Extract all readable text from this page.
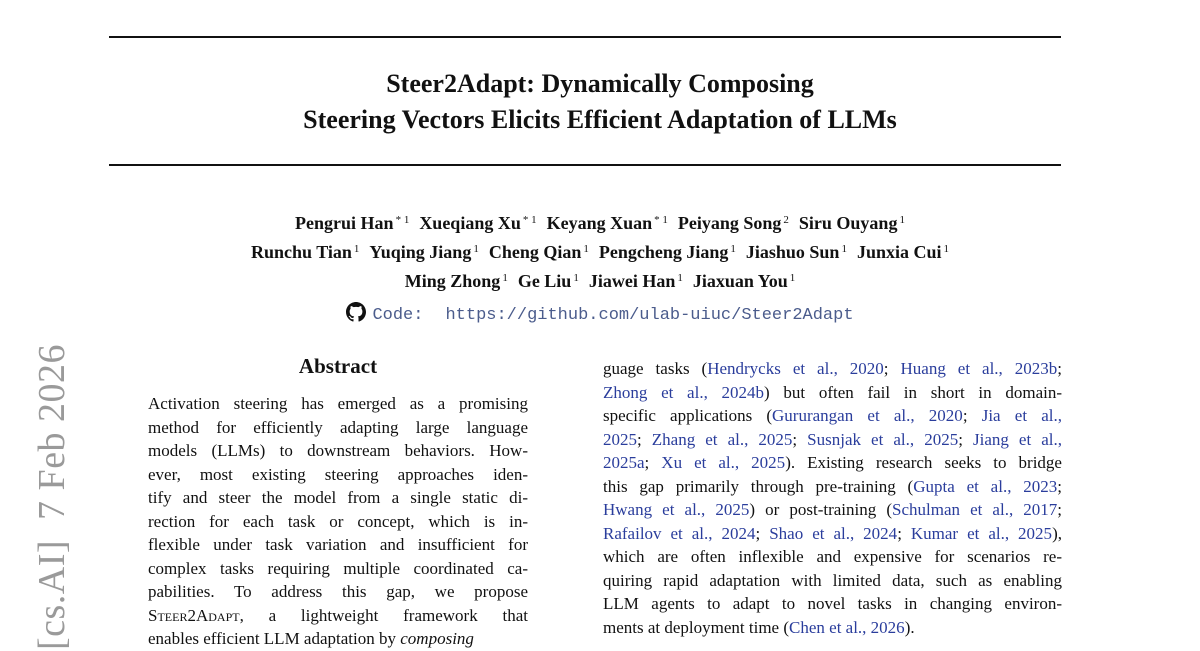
Steer2Adapt: Dynamically Composing
Steering Vectors Elicits Efficient Adaptation of LLMs
Pengrui Han $^{* 1}$ Xueqiang Xu $^{* 1}$ Keyang Xuan $^{* 1}$ Peiyang Song $^2$ Siru Ouyang $^1$
Runchu Tian $^1$ Yuqing Jiang $^1$ Cheng Qian $^1$ Pengcheng Jiang $^1$ Jiashuo Sun $^1$ Junxia Cui $^1$
Ming Zhong $^1$ Ge Liu $^1$ Jiawei Han $^1$ Jiaxuan You $^1$
Code: https://github.com/ulab-uiuc/Steer2Adapt
[cs.AI]  7 Feb 2026	Abstract
Activation steering has emerged as a promising
method for efficiently adapting large language
models (LLMs) to downstream behaviors. How-
ever, most existing steering approaches iden-
tify and steer the model from a single static di-
rection for each task or concept, which is in-
flexible under task variation and insufficient for
complex tasks requiring multiple coordinated ca-
pabilities. To address this gap, we propose
Steer2Adapt, a lightweight framework that
enables efficient LLM adaptation by composing
guage tasks (Hendrycks et al., 2020; Huang et al., 2023b;
Zhong et al., 2024b) but often fail in short in domain-
specific applications (Gururangan et al., 2020; Jia et al.,
2025; Zhang et al., 2025; Susnjak et al., 2025; Jiang et al.,
2025a; Xu et al., 2025). Existing research seeks to bridge
this gap primarily through pre-training (Gupta et al., 2023;
Hwang et al., 2025) or post-training (Schulman et al., 2017;
Rafailov et al., 2024; Shao et al., 2024; Kumar et al., 2025),
which are often inflexible and expensive for scenarios re-
quiring rapid adaptation with limited data, such as enabling
LLM agents to adapt to novel tasks in changing environ-
ments at deployment time (Chen et al., 2026).
